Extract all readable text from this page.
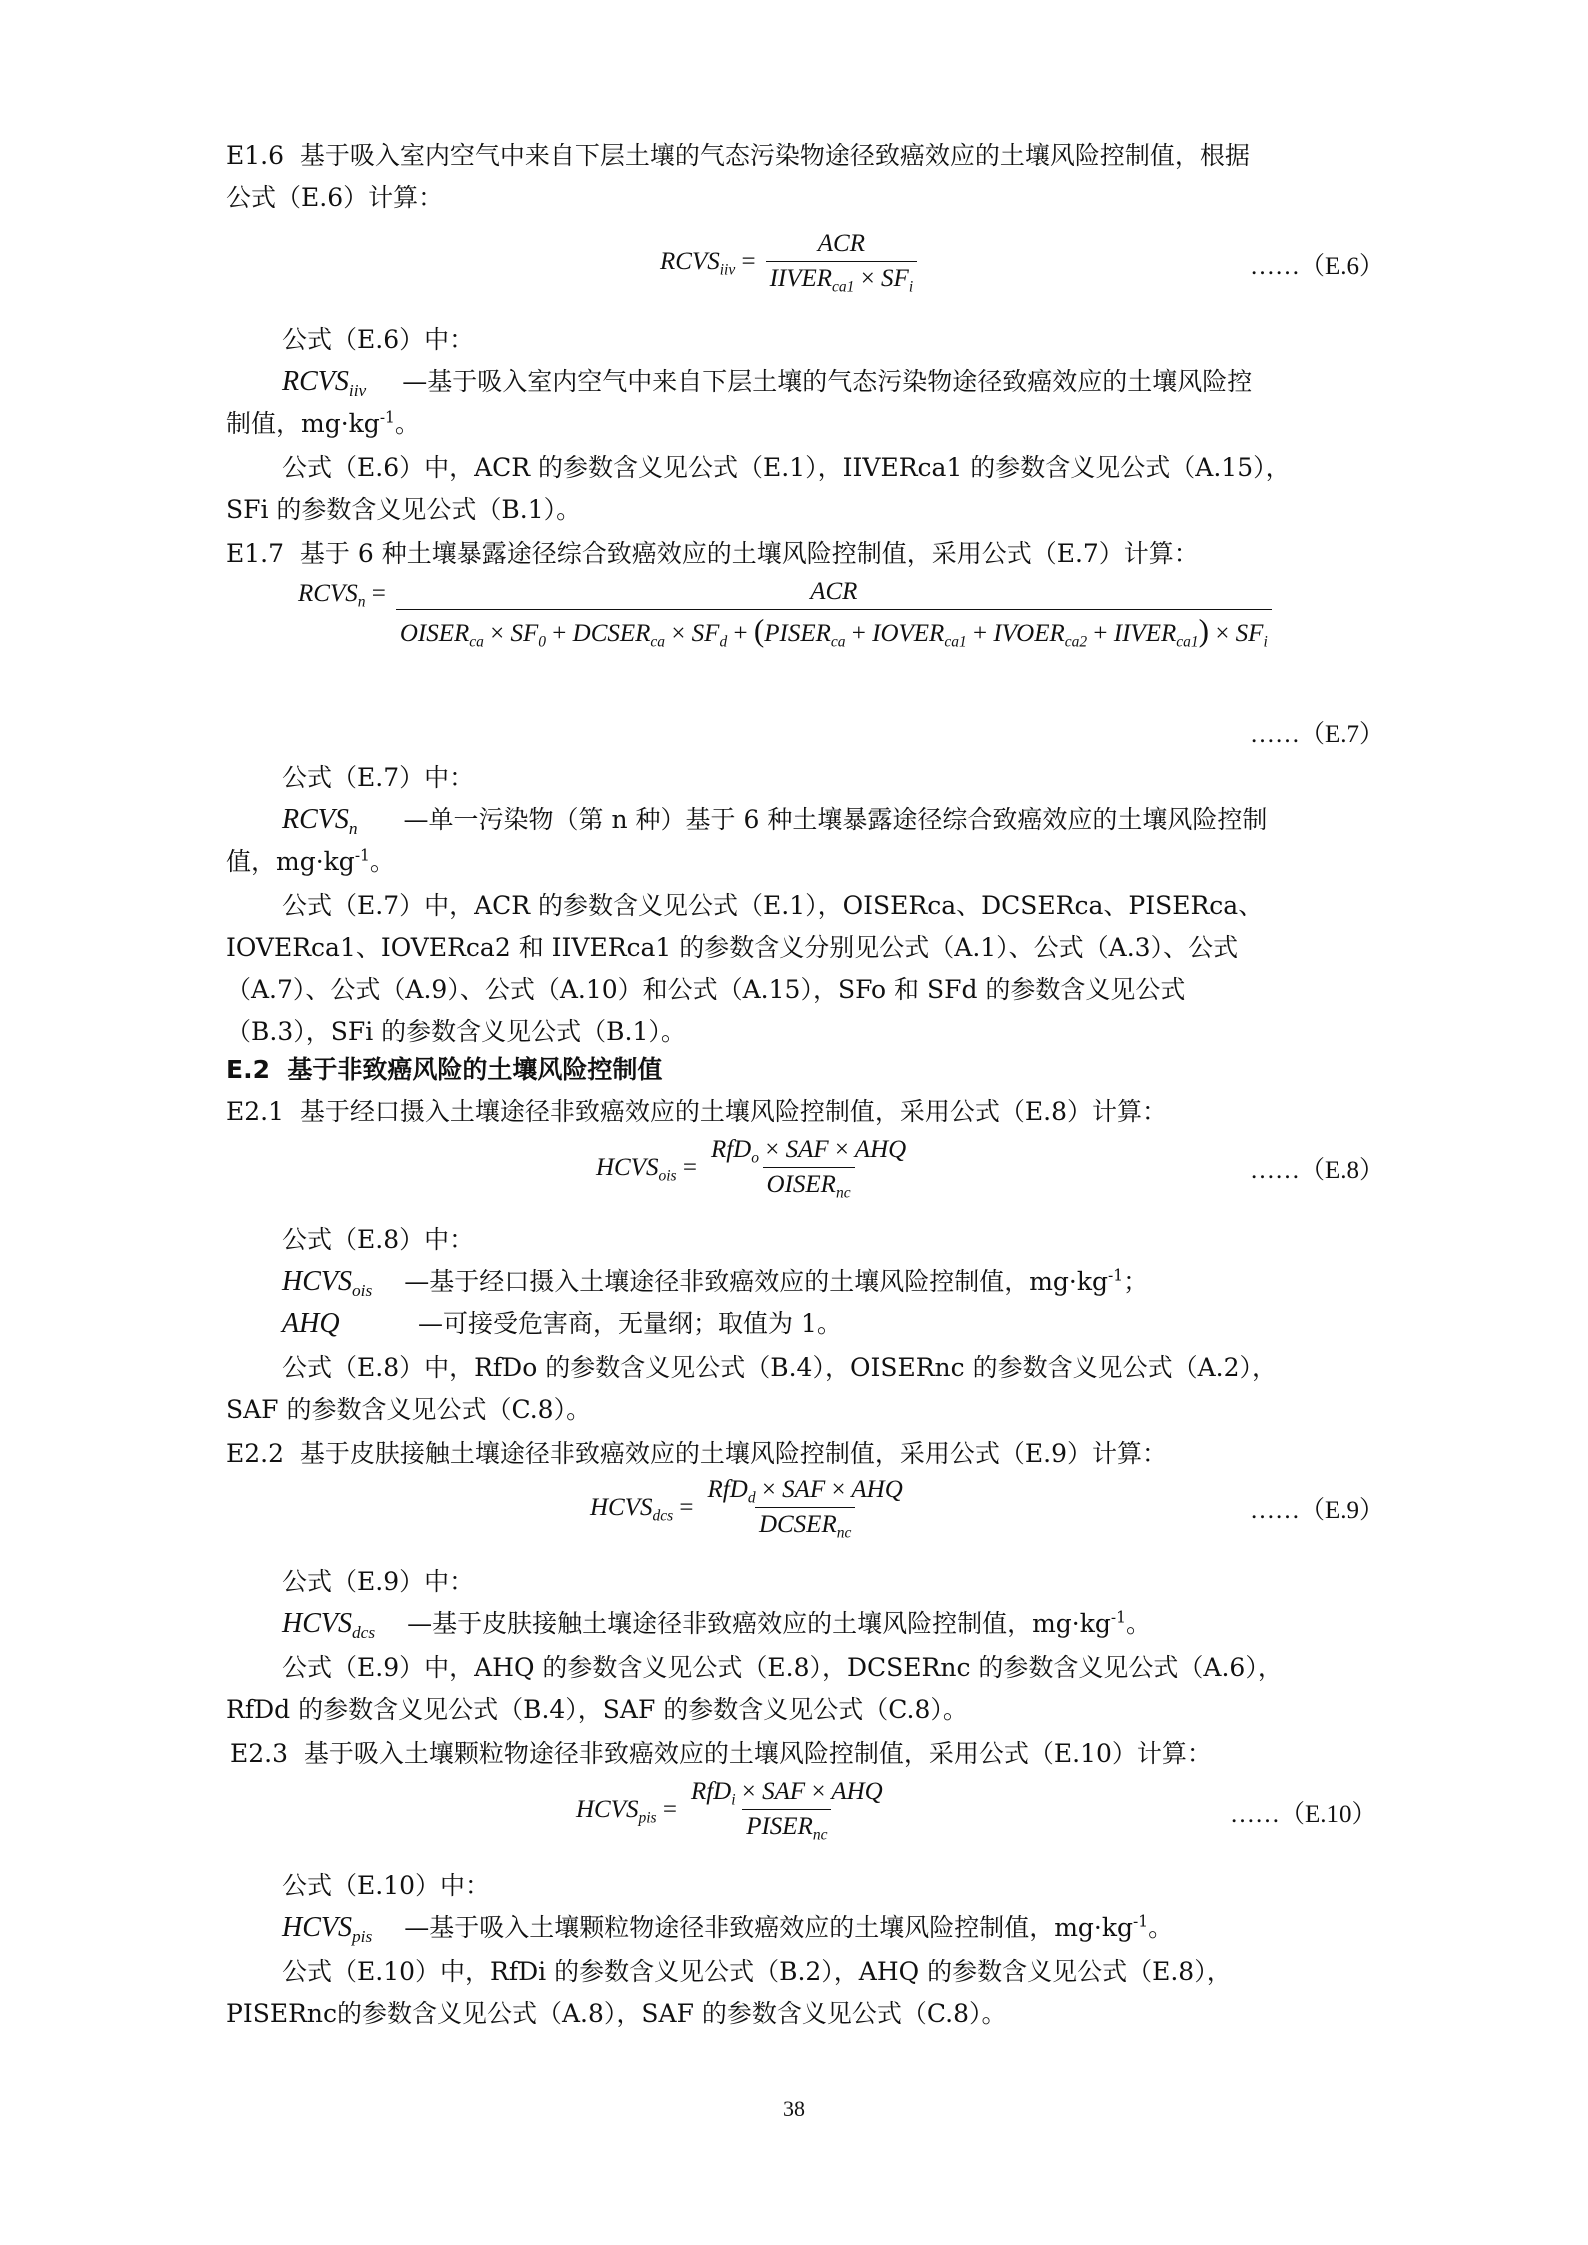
E1.6  基于吸入室内空气中来自下层土壤的气态污染物途径致癌效应的土壤风险控制值，根据
公式（E.6）计算：
$RCVS_{iiv} = \frac{\text{ACR}}{IIVER_{ca1} \times SF_i}$	……（E.6）
公式（E.6）中：
$RCVS_{iiv}$ —基于吸入室内空气中来自下层土壤的气态污染物途径致癌效应的土壤风险控
制值，$mg\cdot kg^{-1}$。
公式（E.6）中，ACR 的参数含义见公式（E.1），IIVERca1 的参数含义见公式（A.15），
SFi 的参数含义见公式（B.1）。
E1.7  基于 6 种土壤暴露途径综合致癌效应的土壤风险控制值，采用公式（E.7）计算：
$RCVS_n$ =	ACR
$OISER_{ca} \times SF_0$ + $DCSER_{ca} \times SF_d$ + ($PISER_{ca}$ + $IOVER_{ca1}$ + $IVOER_{ca2}$ + $IIVER_{ca1}) \times SF_i$
……（E.7）
公式（E.7）中：
$RCVS_n$ —单一污染物（第 n 种）基于 6 种土壤暴露途径综合致癌效应的土壤风险控制
值，$mg\cdot kg^{-1}$。
公式（E.7）中，ACR 的参数含义见公式（E.1），OISERca、DCSERca、PISERca、
IOVERca1、IOVERca2 和 IIVERca1 的参数含义分别见公式（A.1）、公式（A.3）、公式
（A.7）、公式（A.9）、公式（A.10）和公式（A.15），SFo 和 SFd 的参数含义见公式
（B.3），SFi 的参数含义见公式（B.1）。
E.2  基于非致癌风险的土壤风险控制值
E2.1  基于经口摄入土壤途径非致癌效应的土壤风险控制值，采用公式（E.8）计算：
$HCVS_{ois} = \frac{RfD_o \times SAF \times AHQ}{OISER_{nc}}$	……（E.8）
公式（E.8）中：
$HCVS_{ois}$ —基于经口摄入土壤途径非致癌效应的土壤风险控制值，$mg\cdot kg^{-1}$；
AHQ	—可接受危害商，无量纲；取值为 1。
公式（E.8）中，RfDo 的参数含义见公式（B.4），OISERnc 的参数含义见公式（A.2），
SAF 的参数含义见公式（C.8）。
E2.2  基于皮肤接触土壤途径非致癌效应的土壤风险控制值，采用公式（E.9）计算：
$HCVS_{dcs} = \frac{RfD_d \times SAF \times AHQ}{DCSER_{nc}}$	……（E.9）
公式（E.9）中：
$HCVS_{dcs}$ —基于皮肤接触土壤途径非致癌效应的土壤风险控制值，$mg\cdot kg^{-1}$。
公式（E.9）中，AHQ 的参数含义见公式（E.8），DCSERnc 的参数含义见公式（A.6），
RfDd 的参数含义见公式（B.4），SAF 的参数含义见公式（C.8）。
E2.3  基于吸入土壤颗粒物途径非致癌效应的土壤风险控制值，采用公式（E.10）计算：
$HCVS_{pis} = \frac{RfD_i \times SAF \times AHQ}{PISER_{nc}}$	……（E.10）
公式（E.10）中：
$HCVS_{pis}$ —基于吸入土壤颗粒物途径非致癌效应的土壤风险控制值，$mg\cdot kg^{-1}$。
公式（E.10）中，RfDi 的参数含义见公式（B.2），AHQ 的参数含义见公式（E.8），
PISERnc的参数含义见公式（A.8），SAF 的参数含义见公式（C.8）。
38
